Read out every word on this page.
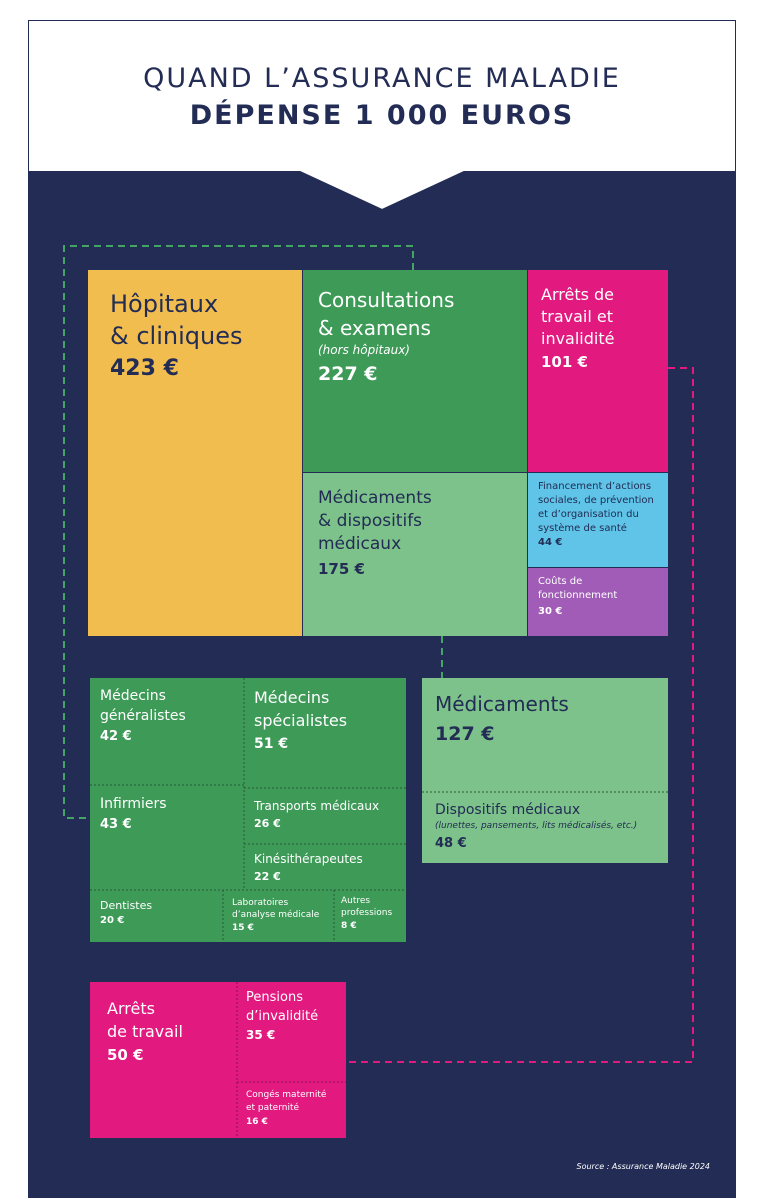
QUAND L’ASSURANCE MALADIE
DÉPENSE 1 000 EUROS
Hôpitaux
& cliniques
423 €
Consultations
& examens
(hors hôpitaux)
227 €
Arrêts de
travail et
invalidité
101 €
Médicaments
& dispositifs
médicaux
175 €
Financement d’actions
sociales, de prévention
et d’organisation du
système de santé
44 €
Coûts de
fonctionnement
30 €
Médecins
généralistes
42 €
Médecins
spécialistes
51 €
Infirmiers
43 €
Transports médicaux
26 €
Kinésithérapeutes
22 €
Dentistes
20 €
Laboratoires
d’analyse médicale
15 €
Autres
professions
8 €
Médicaments
127 €
Dispositifs médicaux
(lunettes, pansements, lits médicalisés, etc.)
48 €
Arrêts
de travail
50 €
Pensions
d’invalidité
35 €
Congés maternité
et paternité
16 €
Source : Assurance Maladie 2024
